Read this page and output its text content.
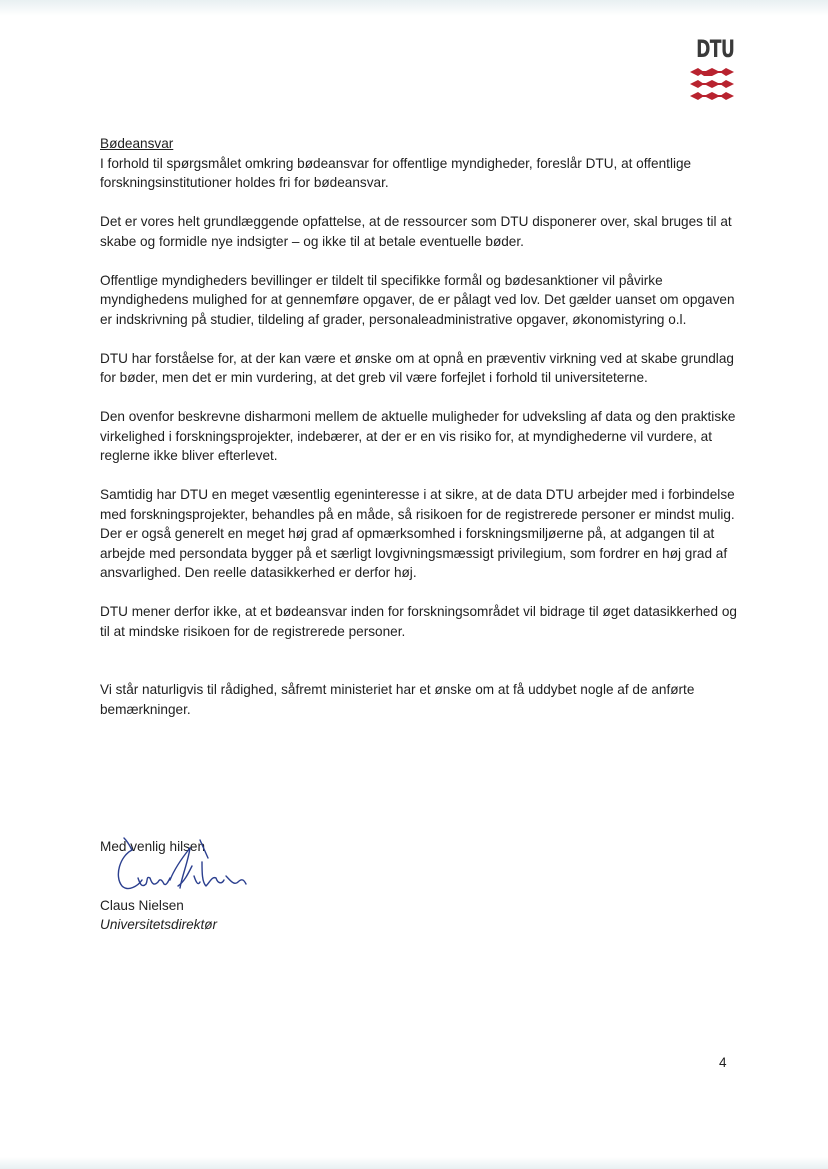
DTU

Bødeansvar

I forhold til spørgsmålet omkring bødeansvar for offentlige myndigheder, foreslår DTU, at offentlige forskningsinstitutioner holdes fri for bødeansvar.

Det er vores helt grundlæggende opfattelse, at de ressourcer som DTU disponerer over, skal bruges til at skabe og formidle nye indsigter – og ikke til at betale eventuelle bøder.

Offentlige myndigheders bevillinger er tildelt til specifikke formål og bødesanktioner vil påvirke myndighedens mulighed for at gennemføre opgaver, de er pålagt ved lov. Det gælder uanset om opgaven er indskrivning på studier, tildeling af grader, personaleadministrative opgaver, økonomistyring o.l.

DTU har forståelse for, at der kan være et ønske om at opnå en præventiv virkning ved at skabe grundlag for bøder, men det er min vurdering, at det greb vil være forfejlet i forhold til universiteterne.

Den ovenfor beskrevne disharmoni mellem de aktuelle muligheder for udveksling af data og den praktiske virkelighed i forskningsprojekter, indebærer, at der er en vis risiko for, at myndighederne vil vurdere, at reglerne ikke bliver efterlevet.

Samtidig har DTU en meget væsentlig egeninteresse i at sikre, at de data DTU arbejder med i forbindelse med forskningsprojekter, behandles på en måde, så risikoen for de registrerede personer er mindst mulig. Der er også generelt en meget høj grad af opmærksomhed i forskningsmiljøerne på, at adgangen til at arbejde med persondata bygger på et særligt lovgivningsmæssigt privilegium, som fordrer en høj grad af ansvarlighed. Den reelle datasikkerhed er derfor høj.

DTU mener derfor ikke, at et bødeansvar inden for forskningsområdet vil bidrage til øget datasikkerhed og til at mindske risikoen for de registrerede personer.

Vi står naturligvis til rådighed, såfremt ministeriet har et ønske om at få uddybet nogle af de anførte bemærkninger.

Med venlig hilsen
Claus Nielsen
Universitetsdirektør
4
